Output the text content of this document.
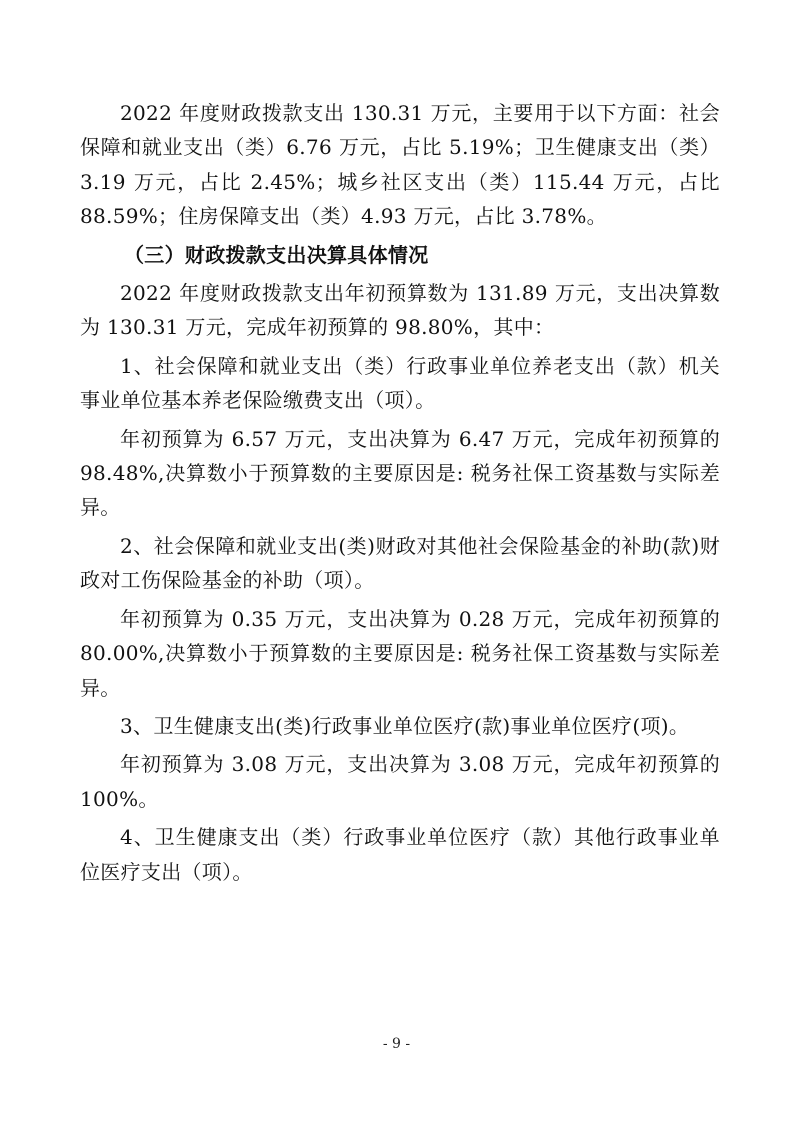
2022 年度财政拨款支出 130.31 万元，主要用于以下方面：社会保障和就业支出（类）6.76 万元，占比 5.19%；卫生健康支出（类）3.19 万元，占比 2.45%；城乡社区支出（类）115.44 万元，占比 88.59%；住房保障支出（类）4.93 万元，占比 3.78%。

（三）财政拨款支出决算具体情况

2022 年度财政拨款支出年初预算数为 131.89 万元，支出决算数为 130.31 万元，完成年初预算的 98.80%，其中：

1、社会保障和就业支出（类）行政事业单位养老支出（款）机关事业单位基本养老保险缴费支出（项）。

年初预算为 6.57 万元，支出决算为 6.47 万元，完成年初预算的 98.48%,决算数小于预算数的主要原因是: 税务社保工资基数与实际差异。

2、社会保障和就业支出(类)财政对其他社会保险基金的补助(款)财政对工伤保险基金的补助（项）。

年初预算为 0.35 万元，支出决算为 0.28 万元，完成年初预算的 80.00%,决算数小于预算数的主要原因是: 税务社保工资基数与实际差异。

3、卫生健康支出(类)行政事业单位医疗(款)事业单位医疗(项)。

年初预算为 3.08 万元，支出决算为 3.08 万元，完成年初预算的 100%。

4、卫生健康支出（类）行政事业单位医疗（款）其他行政事业单位医疗支出（项）。

- 9 -
